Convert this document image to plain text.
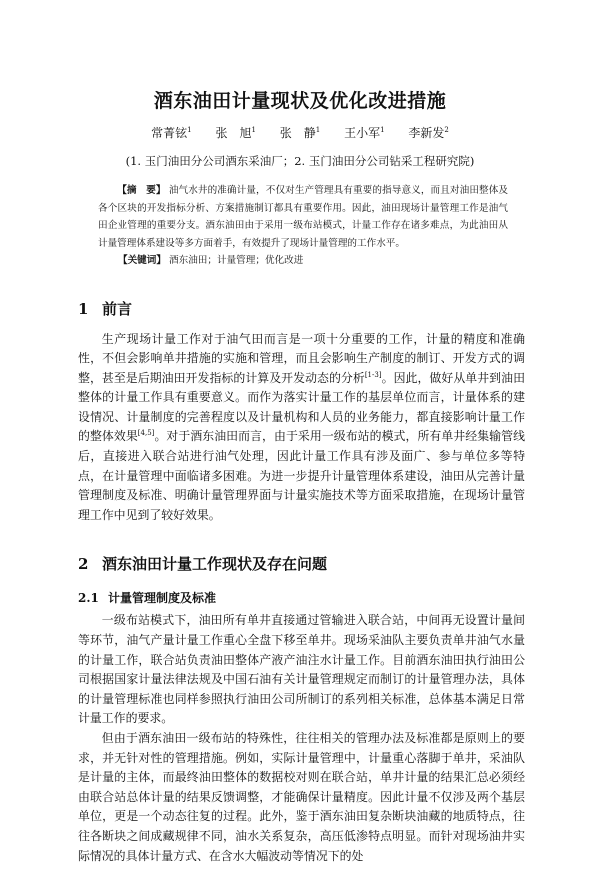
酒东油田计量现状及优化改进措施
常菁铉$^1$ 张　旭$^1$ 张　静$^1$ 王小军$^1$ 李新发$^2$
(1. 玉门油田分公司酒东采油厂；2. 玉门油田分公司钻采工程研究院)

【摘　要】 油气水井的准确计量，不仅对生产管理具有重要的指导意义，而且对油田整体及各个区块的开发指标分析、方案措施制订都具有重要作用。因此，油田现场计量管理工作是油气田企业管理的重要分支。酒东油田由于采用一级布站模式，计量工作存在诸多难点，为此油田从计量管理体系建设等多方面着手，有效提升了现场计量管理的工作水平。

【关键词】 酒东油田；计量管理；优化改进
1 前言

生产现场计量工作对于油气田而言是一项十分重要的工作，计量的精度和准确性，不但会影响单井措施的实施和管理，而且会影响生产制度的制订、开发方式的调整，甚至是后期油田开发指标的计算及开发动态的分析[1-3]。因此，做好从单井到油田整体的计量工作具有重要意义。而作为落实计量工作的基层单位而言，计量体系的建设情况、计量制度的完善程度以及计量机构和人员的业务能力，都直接影响计量工作的整体效果[4,5]。对于酒东油田而言，由于采用一级布站的模式，所有单井经集输管线后，直接进入联合站进行油气处理，因此计量工作具有涉及面广、参与单位多等特点，在计量管理中面临诸多困难。为进一步提升计量管理体系建设，油田从完善计量管理制度及标准、明确计量管理界面与计量实施技术等方面采取措施，在现场计量管理工作中见到了较好效果。

2 酒东油田计量工作现状及存在问题
2.1 计量管理制度及标准

一级布站模式下，油田所有单井直接通过管输进入联合站，中间再无设置计量间等环节，油气产量计量工作重心全盘下移至单井。现场采油队主要负责单井油气水量的计量工作，联合站负责油田整体产液产油注水计量工作。目前酒东油田执行油田公司根据国家计量法律法规及中国石油有关计量管理规定而制订的计量管理办法，具体的计量管理标准也同样参照执行油田公司所制订的系列相关标准，总体基本满足日常计量工作的要求。

但由于酒东油田一级布站的特殊性，往往相关的管理办法及标准都是原则上的要求，并无针对性的管理措施。例如，实际计量管理中，计量重心落脚于单井，采油队是计量的主体，而最终油田整体的数据校对则在联合站，单井计量的结果汇总必须经由联合站总体计量的结果反馈调整，才能确保计量精度。因此计量不仅涉及两个基层单位，更是一个动态往复的过程。此外，鉴于酒东油田复杂断块油藏的地质特点，往往各断块之间成藏规律不同，油水关系复杂，高压低渗特点明显。而针对现场油井实际情况的具体计量方式、在含水大幅波动等情况下的处
